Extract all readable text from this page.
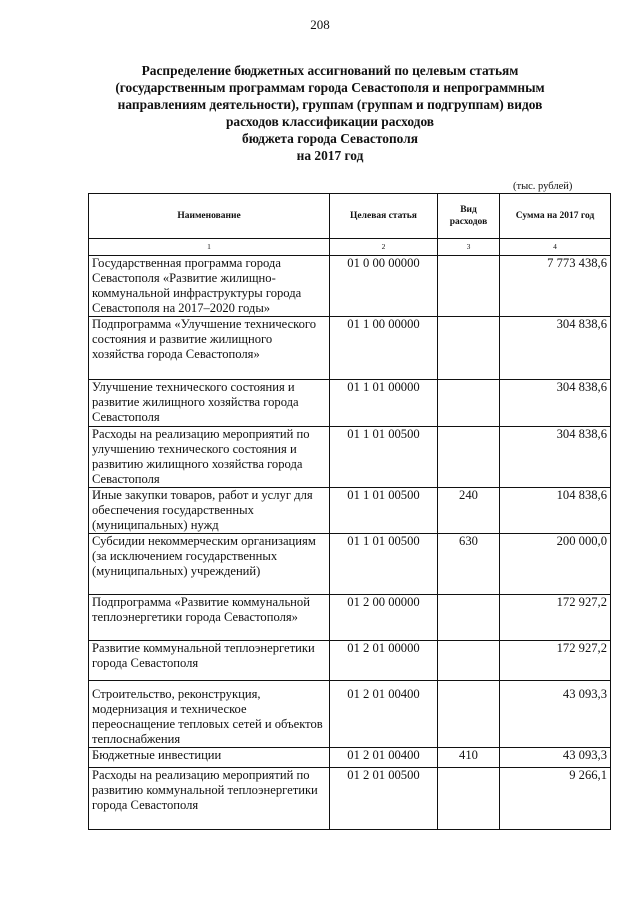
208
Распределение бюджетных ассигнований по целевым статьям
(государственным программам города Севастополя и непрограммным
направлениям деятельности), группам (группам и подгруппам) видов
расходов классификации расходов
бюджета города Севастополя
на 2017 год
(тыс. рублей)
Наименование	Целевая статья	Вид расходов	Сумма на 2017 год
1	2	3	4
Государственная программа города Севастополя «Развитие жилищно-коммунальной инфраструктуры города Севастополя на 2017–2020 годы»	01 0 00 00000		7 773 438,6
Подпрограмма «Улучшение технического состояния и развитие жилищного хозяйства города Севастополя»	01 1 00 00000		304 838,6
Улучшение технического состояния и развитие жилищного хозяйства города Севастополя	01 1 01 00000		304 838,6
Расходы на реализацию мероприятий по улучшению технического состояния и развитию жилищного хозяйства города Севастополя	01 1 01 00500		304 838,6
Иные закупки товаров, работ и услуг для обеспечения государственных (муниципальных) нужд	01 1 01 00500	240	104 838,6
Субсидии некоммерческим организациям (за исключением государственных (муниципальных) учреждений)	01 1 01 00500	630	200 000,0
Подпрограмма «Развитие коммунальной теплоэнергетики города Севастополя»	01 2 00 00000		172 927,2
Развитие коммунальной теплоэнергетики города Севастополя	01 2 01 00000		172 927,2
Строительство, реконструкция, модернизация и техническое переоснащение тепловых сетей и объектов теплоснабжения	01 2 01 00400		43 093,3
Бюджетные инвестиции	01 2 01 00400	410	43 093,3
Расходы на реализацию мероприятий по развитию коммунальной теплоэнергетики города Севастополя	01 2 01 00500		9 266,1
